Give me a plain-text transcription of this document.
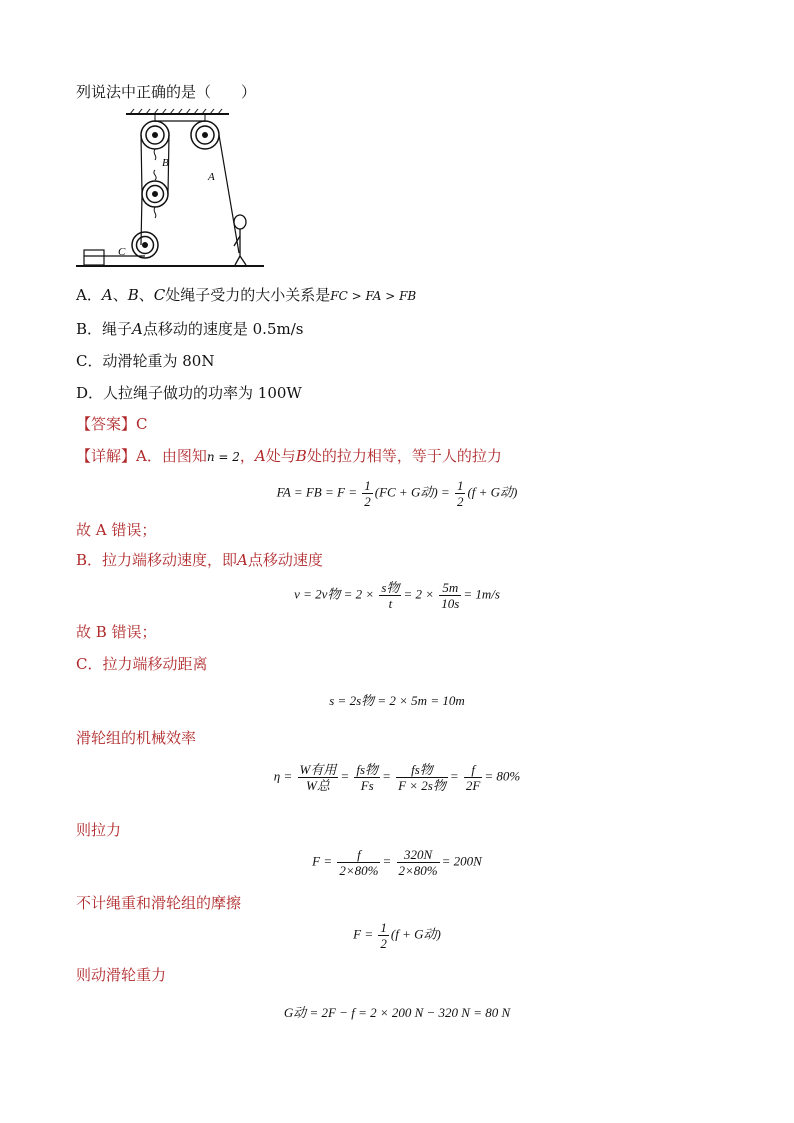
列说法中正确的是（　　）
B
A
C
A．A、B、C处绳子受力的大小关系是FC > FA > FB
B．绳子A点移动的速度是 0.5m/s
C．动滑轮重为 80N
D．人拉绳子做功的功率为 100W
【答案】C
【详解】A．由图知n = 2，A处与B处的拉力相等，等于人的拉力
FA = FB = $F = \frac{1}{2} (FC + G$动) = $\frac{1}{2} (f + G$动)
故 A 错误；
B．拉力端移动速度，即A点移动速度
v = 2v物 = $2 \times \frac{\text{s物}}{t} = 2 \times \frac{5m}{10s} = 1m/s$
故 B 错误；
C．拉力端移动距离
s = 2s物 = 2 × 5m = 10m
滑轮组的机械效率
$\eta = \frac{\text{W有用}}{\text{W总}} = \frac{\text{fs物}}{Fs} = \frac{\text{fs物}}{\text{F × 2s物}} = \frac{f}{2F} = 80\%$
则拉力
$F = \frac{f}{2\times 80\%} = \frac{320N}{2\times 80\%} = 200N$
不计绳重和滑轮组的摩擦
$F = \frac{1}{2} (f + G$动)
则动滑轮重力
G动 = 2F − f = 2 × 200 N − 320 N = 80 N
